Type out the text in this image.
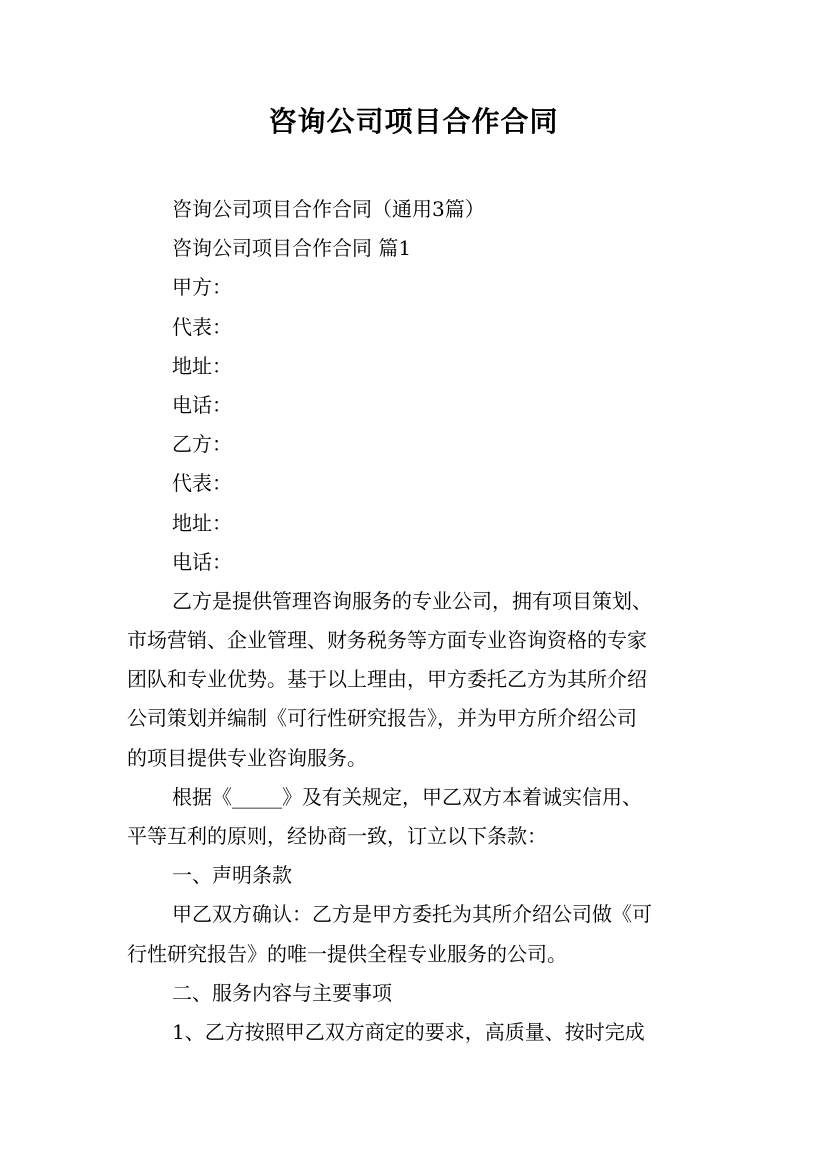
咨询公司项目合作合同
咨询公司项目合作合同（通用3篇）
咨询公司项目合作合同 篇1
甲方：
代表：
地址：
电话：
乙方：
代表：
地址：
电话：
乙方是提供管理咨询服务的专业公司，拥有项目策划、
市场营销、企业管理、财务税务等方面专业咨询资格的专家
团队和专业优势。基于以上理由，甲方委托乙方为其所介绍
公司策划并编制《可行性研究报告》，并为甲方所介绍公司
的项目提供专业咨询服务。
根据《_____》及有关规定，甲乙双方本着诚实信用、
平等互利的原则，经协商一致，订立以下条款：
一、声明条款
甲乙双方确认：乙方是甲方委托为其所介绍公司做《可
行性研究报告》的唯一提供全程专业服务的公司。
二、服务内容与主要事项
1、乙方按照甲乙双方商定的要求，高质量、按时完成
